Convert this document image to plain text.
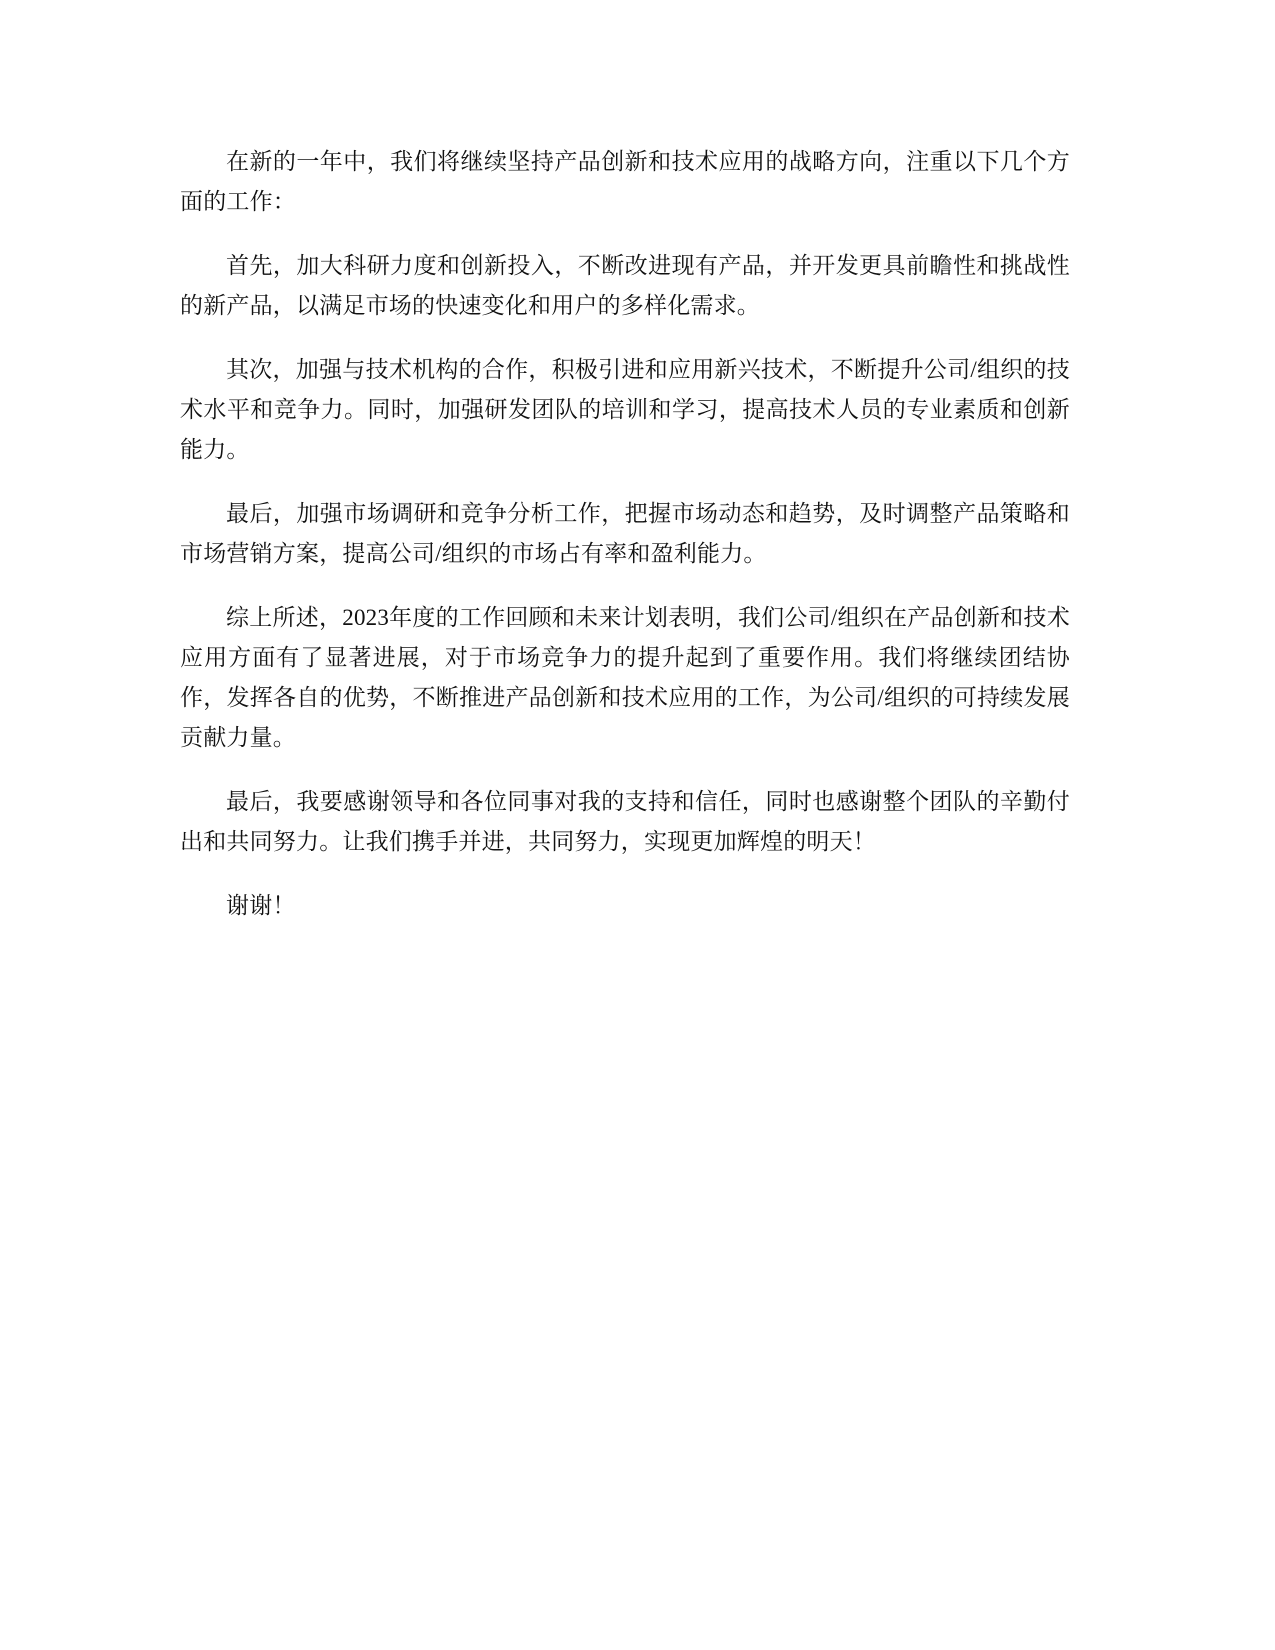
在新的一年中，我们将继续坚持产品创新和技术应用的战略方向，注重以下几个方面的工作：

首先，加大科研力度和创新投入，不断改进现有产品，并开发更具前瞻性和挑战性的新产品，以满足市场的快速变化和用户的多样化需求。

其次，加强与技术机构的合作，积极引进和应用新兴技术，不断提升公司/组织的技术水平和竞争力。同时，加强研发团队的培训和学习，提高技术人员的专业素质和创新能力。

最后，加强市场调研和竞争分析工作，把握市场动态和趋势，及时调整产品策略和市场营销方案，提高公司/组织的市场占有率和盈利能力。

综上所述，2023年度的工作回顾和未来计划表明，我们公司/组织在产品创新和技术应用方面有了显著进展，对于市场竞争力的提升起到了重要作用。我们将继续团结协作，发挥各自的优势，不断推进产品创新和技术应用的工作，为公司/组织的可持续发展贡献力量。

最后，我要感谢领导和各位同事对我的支持和信任，同时也感谢整个团队的辛勤付出和共同努力。让我们携手并进，共同努力，实现更加辉煌的明天！

谢谢！
